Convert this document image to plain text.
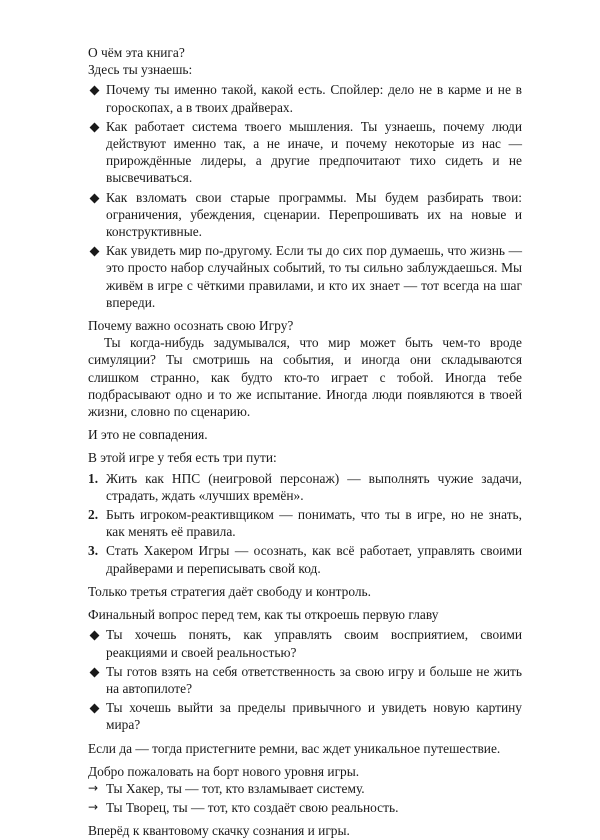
О чём эта книга?

Здесь ты узнаешь:

Почему ты именно такой, какой есть. Спойлер: дело не в карме и не в гороскопах, а в твоих драйверах.
Как работает система твоего мышления. Ты узнаешь, почему люди действуют именно так, а не иначе, и почему некоторые из нас — прирождённые лидеры, а другие предпочитают тихо сидеть и не высвечиваться.
Как взломать свои старые программы. Мы будем разбирать твои: ограничения, убеждения, сценарии. Перепрошивать их на новые и конструктивные.
Как увидеть мир по-другому. Если ты до сих пор думаешь, что жизнь — это просто набор случайных событий, то ты сильно заблуждаешься. Мы живём в игре с чёткими правилами, и кто их знает — тот всегда на шаг впереди.

Почему важно осознать свою Игру?

Ты когда-нибудь задумывался, что мир может быть чем-то вроде симуляции? Ты смотришь на события, и иногда они складываются слишком странно, как будто кто-то играет с тобой. Иногда тебе подбрасывают одно и то же испытание. Иногда люди появляются в твоей жизни, словно по сценарию.

И это не совпадения.

В этой игре у тебя есть три пути:

1. Жить как НПС (неигровой персонаж) — выполнять чужие задачи, страдать, ждать «лучших времён».
2. Быть игроком-реактивщиком — понимать, что ты в игре, но не знать, как менять её правила.
3. Стать Хакером Игры — осознать, как всё работает, управлять своими драйверами и переписывать свой код.

Только третья стратегия даёт свободу и контроль.

Финальный вопрос перед тем, как ты откроешь первую главу

Ты хочешь понять, как управлять своим восприятием, своими реакциями и своей реальностью?
Ты готов взять на себя ответственность за свою игру и больше не жить на автопилоте?
Ты хочешь выйти за пределы привычного и увидеть новую картину мира?

Если да — тогда пристегните ремни, вас ждет уникальное путешествие.

Добро пожаловать на борт нового уровня игры.

→ Ты Хакер, ты — тот, кто взламывает систему.
→ Ты Творец, ты — тот, кто создаёт свою реальность.

Вперёд к квантовому скачку сознания и игры.
